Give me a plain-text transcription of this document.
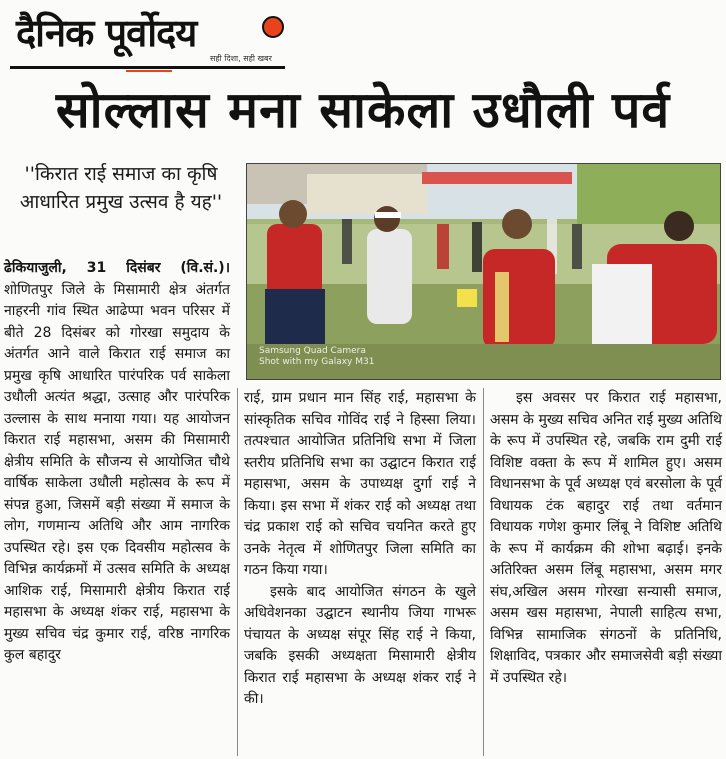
दैनिक पूर्वोदय
सही दिशा, सही खबर
सोल्लास मना साकेला उधौली पर्व
''किरात राई समाज का कृषि आधारित प्रमुख उत्सव है यह''
Samsung Quad Camera
Shot with my Galaxy M31

ढेकियाजुली, 31 दिसंबर (वि.सं.)। शोणितपुर जिले के मिसामारी क्षेत्र अंतर्गत नाहरनी गांव स्थित आढेप्पा भवन परिसर में बीते 28 दिसंबर को गोरखा समुदाय के अंतर्गत आने वाले किरात राई समाज का प्रमुख कृषि आधारित पारंपरिक पर्व साकेला उधौली अत्यंत श्रद्धा, उत्साह और पारंपरिक उल्लास के साथ मनाया गया। यह आयोजन किरात राई महासभा, असम की मिसामारी क्षेत्रीय समिति के सौजन्य से आयोजित चौथे वार्षिक साकेला उधौली महोत्सव के रूप में संपन्न हुआ, जिसमें बड़ी संख्या में समाज के लोग, गणमान्य अतिथि और आम नागरिक उपस्थित रहे। इस एक दिवसीय महोत्सव के विभिन्न कार्यक्रमों में उत्सव समिति के अध्यक्ष आशिक राई, मिसामारी क्षेत्रीय किरात राई महासभा के अध्यक्ष शंकर राई, महासभा के मुख्य सचिव चंद्र कुमार राई, वरिष्ठ नागरिक कुल बहादुर

राई, ग्राम प्रधान मान सिंह राई, महासभा के सांस्कृतिक सचिव गोविंद राई ने हिस्सा लिया। तत्पश्चात आयोजित प्रतिनिधि सभा में जिला स्तरीय प्रतिनिधि सभा का उद्घाटन किरात राई महासभा, असम के उपाध्यक्ष दुर्गा राई ने किया। इस सभा में शंकर राई को अध्यक्ष तथा चंद्र प्रकाश राई को सचिव चयनित करते हुए उनके नेतृत्व में शोणितपुर जिला समिति का गठन किया गया।

इसके बाद आयोजित संगठन के खुले अधिवेशनका उद्घाटन स्थानीय जिया गाभरू पंचायत के अध्यक्ष संपूर सिंह राई ने किया, जबकि इसकी अध्यक्षता मिसामारी क्षेत्रीय किरात राई महासभा के अध्यक्ष शंकर राई ने की।

इस अवसर पर किरात राई महासभा, असम के मुख्य सचिव अनित राई मुख्य अतिथि के रूप में उपस्थित रहे, जबकि राम दुमी राई विशिष्ट वक्ता के रूप में शामिल हुए। असम विधानसभा के पूर्व अध्यक्ष एवं बरसोला के पूर्व विधायक टंक बहादुर राई तथा वर्तमान विधायक गणेश कुमार लिंबू ने विशिष्ट अतिथि के रूप में कार्यक्रम की शोभा बढ़ाई। इनके अतिरिक्त असम लिंबू महासभा, असम मगर संघ,अखिल असम गोरखा सन्यासी समाज, असम खस महासभा, नेपाली साहित्य सभा, विभिन्न सामाजिक संगठनों के प्रतिनिधि, शिक्षाविद, पत्रकार और समाजसेवी बड़ी संख्या में उपस्थित रहे।
